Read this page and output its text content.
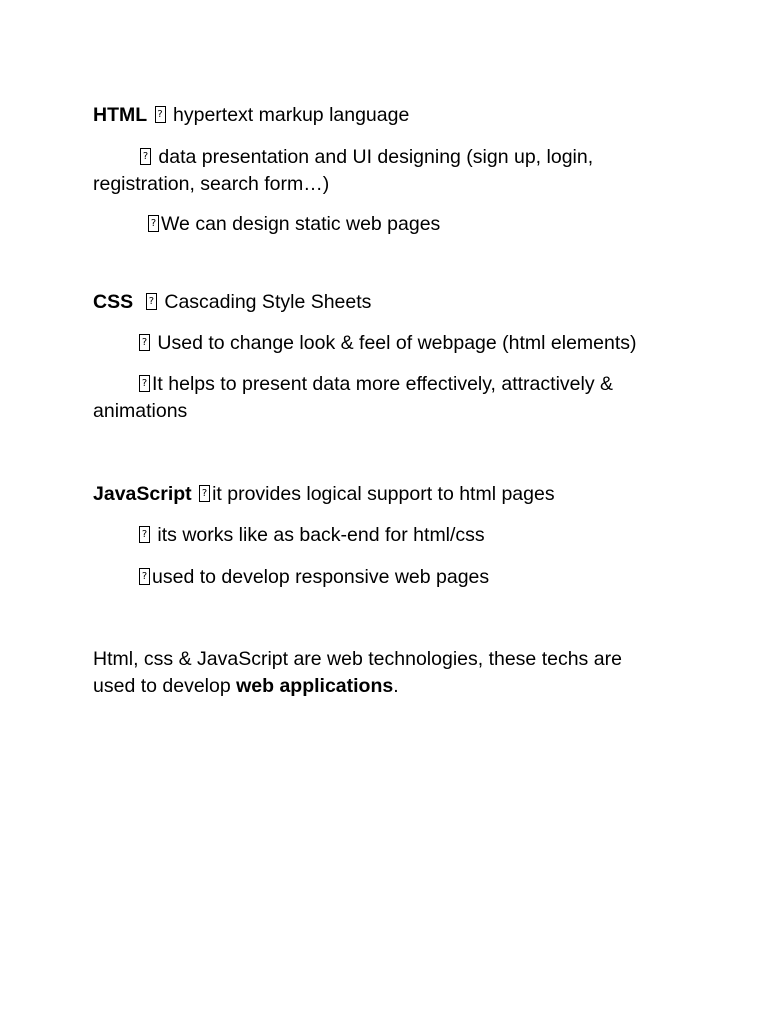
HTML ? hypertext markup language
? data presentation and UI designing (sign up, login,
registration, search form…)
?We can design static web pages
CSS ? Cascading Style Sheets
? Used to change look & feel of webpage (html elements)
?It helps to present data more effectively, attractively &
animations
JavaScript ? it provides logical support to html pages
? its works like as back-end for html/css
?used to develop responsive web pages
Html, css & JavaScript are web technologies, these techs are
used to develop web applications.
